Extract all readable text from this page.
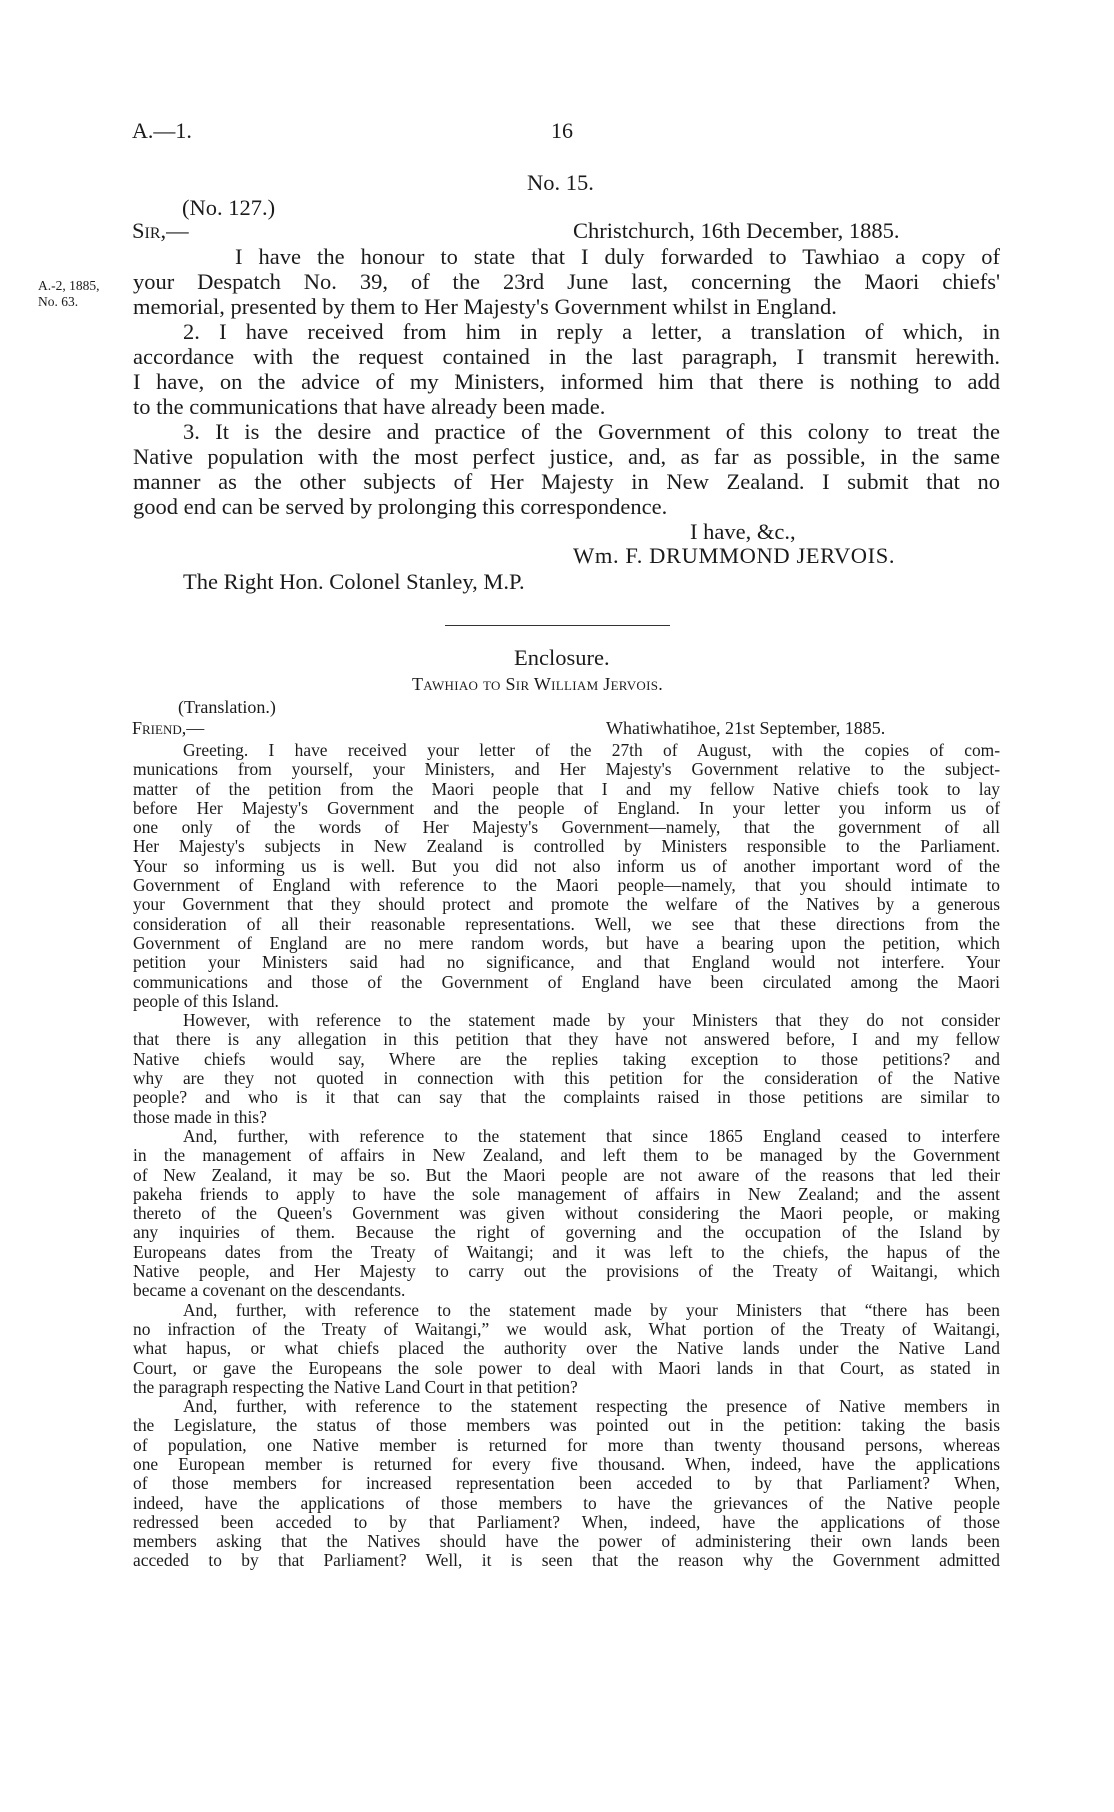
A.—1.	16
No. 15.
(No. 127.)
Sir,—	Christchurch, 16th December, 1885.
A.-2, 1885,
No. 63.
I have the honour to state that I duly forwarded to Tawhiao a copy of
your Despatch No. 39, of the 23rd June last, concerning the Maori chiefs'
memorial, presented by them to Her Majesty's Government whilst in England.
2. I have received from him in reply a letter, a translation of which, in
accordance with the request contained in the last paragraph, I transmit herewith.
I have, on the advice of my Ministers, informed him that there is nothing to add
to the communications that have already been made.
3. It is the desire and practice of the Government of this colony to treat the
Native population with the most perfect justice, and, as far as possible, in the same
manner as the other subjects of Her Majesty in New Zealand. I submit that no
good end can be served by prolonging this correspondence.
I have, &c.,
Wm. F. DRUMMOND JERVOIS.
The Right Hon. Colonel Stanley, M.P.
Enclosure.
Tawhiao to Sir William Jervois.
(Translation.)
Friend,—	Whatiwhatihoe, 21st September, 1885.
Greeting. I have received your letter of the 27th of August, with the copies of com-
munications from yourself, your Ministers, and Her Majesty's Government relative to the subject-
matter of the petition from the Maori people that I and my fellow Native chiefs took to lay
before Her Majesty's Government and the people of England. In your letter you inform us of
one only of the words of Her Majesty's Government—namely, that the government of all
Her Majesty's subjects in New Zealand is controlled by Ministers responsible to the Parliament.
Your so informing us is well. But you did not also inform us of another important word of the
Government of England with reference to the Maori people—namely, that you should intimate to
your Government that they should protect and promote the welfare of the Natives by a generous
consideration of all their reasonable representations. Well, we see that these directions from the
Government of England are no mere random words, but have a bearing upon the petition, which
petition your Ministers said had no significance, and that England would not interfere. Your
communications and those of the Government of England have been circulated among the Maori
people of this Island.
However, with reference to the statement made by your Ministers that they do not consider
that there is any allegation in this petition that they have not answered before, I and my fellow
Native chiefs would say, Where are the replies taking exception to those petitions? and
why are they not quoted in connection with this petition for the consideration of the Native
people? and who is it that can say that the complaints raised in those petitions are similar to
those made in this?
And, further, with reference to the statement that since 1865 England ceased to interfere
in the management of affairs in New Zealand, and left them to be managed by the Government
of New Zealand, it may be so. But the Maori people are not aware of the reasons that led their
pakeha friends to apply to have the sole management of affairs in New Zealand; and the assent
thereto of the Queen's Government was given without considering the Maori people, or making
any inquiries of them. Because the right of governing and the occupation of the Island by
Europeans dates from the Treaty of Waitangi; and it was left to the chiefs, the hapus of the
Native people, and Her Majesty to carry out the provisions of the Treaty of Waitangi, which
became a covenant on the descendants.
And, further, with reference to the statement made by your Ministers that “there has been
no infraction of the Treaty of Waitangi,” we would ask, What portion of the Treaty of Waitangi,
what hapus, or what chiefs placed the authority over the Native lands under the Native Land
Court, or gave the Europeans the sole power to deal with Maori lands in that Court, as stated in
the paragraph respecting the Native Land Court in that petition?
And, further, with reference to the statement respecting the presence of Native members in
the Legislature, the status of those members was pointed out in the petition: taking the basis
of population, one Native member is returned for more than twenty thousand persons, whereas
one European member is returned for every five thousand. When, indeed, have the applications
of those members for increased representation been acceded to by that Parliament? When,
indeed, have the applications of those members to have the grievances of the Native people
redressed been acceded to by that Parliament? When, indeed, have the applications of those
members asking that the Natives should have the power of administering their own lands been
acceded to by that Parliament? Well, it is seen that the reason why the Government admitted
